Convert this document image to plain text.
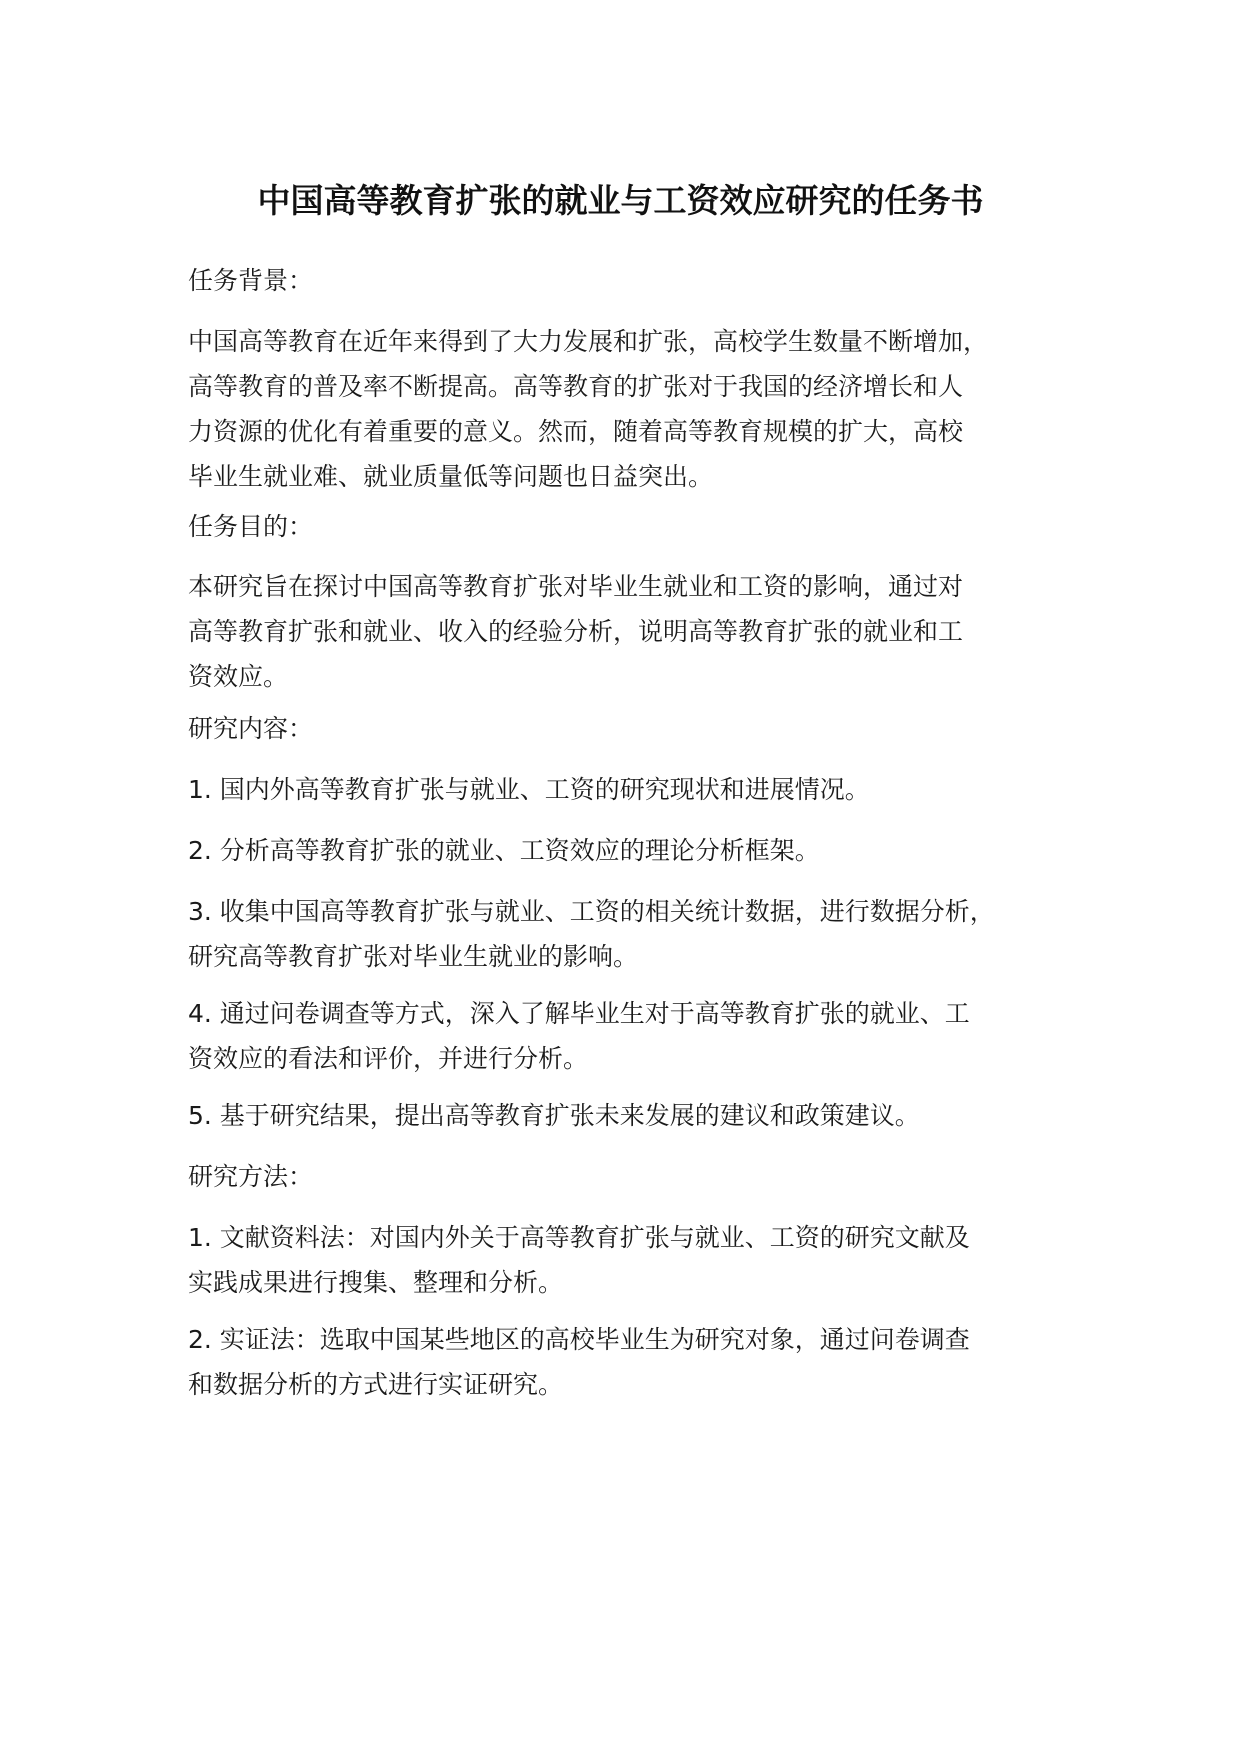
中国高等教育扩张的就业与工资效应研究的任务书
任务背景：
中国高等教育在近年来得到了大力发展和扩张，高校学生数量不断增加，
高等教育的普及率不断提高。高等教育的扩张对于我国的经济增长和人
力资源的优化有着重要的意义。然而，随着高等教育规模的扩大，高校
毕业生就业难、就业质量低等问题也日益突出。
任务目的：
本研究旨在探讨中国高等教育扩张对毕业生就业和工资的影响，通过对
高等教育扩张和就业、收入的经验分析，说明高等教育扩张的就业和工
资效应。
研究内容：
1. 国内外高等教育扩张与就业、工资的研究现状和进展情况。
2. 分析高等教育扩张的就业、工资效应的理论分析框架。
3. 收集中国高等教育扩张与就业、工资的相关统计数据，进行数据分析，
研究高等教育扩张对毕业生就业的影响。
4. 通过问卷调查等方式，深入了解毕业生对于高等教育扩张的就业、工
资效应的看法和评价，并进行分析。
5. 基于研究结果，提出高等教育扩张未来发展的建议和政策建议。
研究方法：
1. 文献资料法：对国内外关于高等教育扩张与就业、工资的研究文献及
实践成果进行搜集、整理和分析。
2. 实证法：选取中国某些地区的高校毕业生为研究对象，通过问卷调查
和数据分析的方式进行实证研究。
